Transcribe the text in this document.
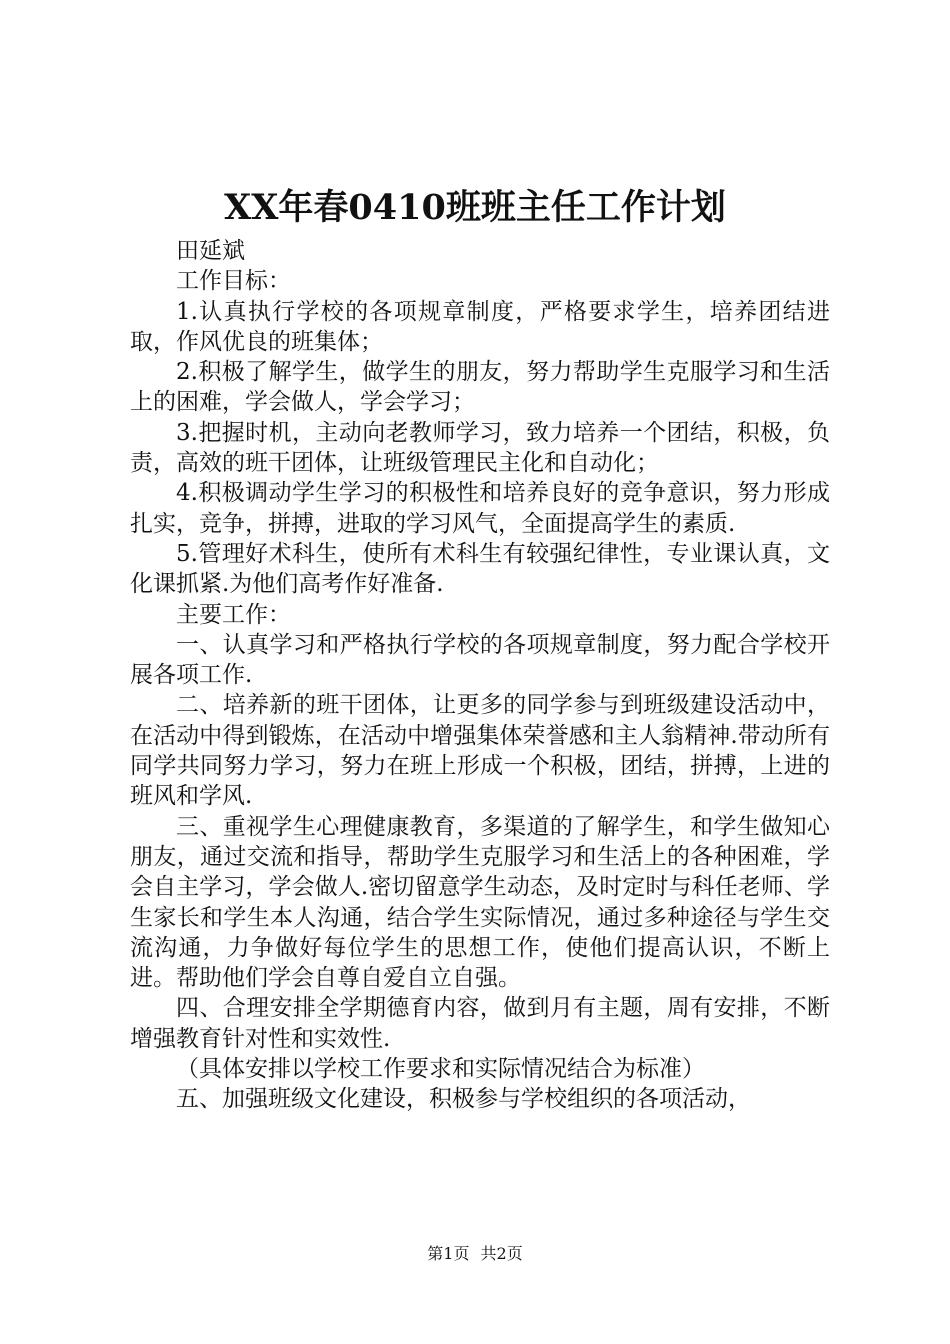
XX年春0410班班主任工作计划

田延斌

工作目标：

1.认真执行学校的各项规章制度，严格要求学生，培养团结进取，作风优良的班集体；

2.积极了解学生，做学生的朋友，努力帮助学生克服学习和生活上的困难，学会做人，学会学习；

3.把握时机，主动向老教师学习，致力培养一个团结，积极，负责，高效的班干团体，让班级管理民主化和自动化；

4.积极调动学生学习的积极性和培养良好的竞争意识，努力形成扎实，竞争，拼搏，进取的学习风气，全面提高学生的素质.

5.管理好术科生，使所有术科生有较强纪律性，专业课认真，文化课抓紧.为他们高考作好准备.

主要工作：

一、认真学习和严格执行学校的各项规章制度，努力配合学校开展各项工作.

二、培养新的班干团体，让更多的同学参与到班级建设活动中，在活动中得到锻炼，在活动中增强集体荣誉感和主人翁精神.带动所有同学共同努力学习，努力在班上形成一个积极，团结，拼搏，上进的班风和学风.

三、重视学生心理健康教育，多渠道的了解学生，和学生做知心朋友，通过交流和指导，帮助学生克服学习和生活上的各种困难，学会自主学习，学会做人.密切留意学生动态，及时定时与科任老师、学生家长和学生本人沟通，结合学生实际情况，通过多种途径与学生交流沟通，力争做好每位学生的思想工作，使他们提高认识，不断上进。帮助他们学会自尊自爱自立自强。

四、合理安排全学期德育内容，做到月有主题，周有安排，不断增强教育针对性和实效性.

（具体安排以学校工作要求和实际情况结合为标准）

五、加强班级文化建设，积极参与学校组织的各项活动，

第1页 共2页
